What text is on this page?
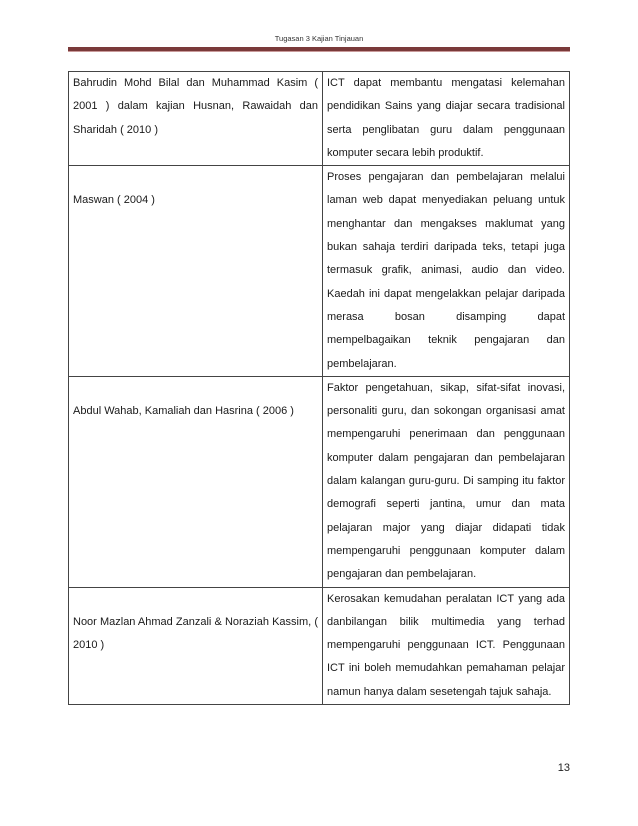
Tugasan 3 Kajian Tinjauan
Bahrudin Mohd Bilal dan Muhammad Kasim ( 2001 ) dalam kajian Husnan, Rawaidah dan Sharidah ( 2010 )	ICT dapat membantu mengatasi kelemahan pendidikan Sains yang diajar secara tradisional serta penglibatan guru dalam penggunaan komputer secara lebih produktif.

Maswan ( 2004 )	Proses pengajaran dan pembelajaran melalui laman web dapat menyediakan peluang untuk menghantar dan mengakses maklumat yang bukan sahaja terdiri daripada teks, tetapi juga termasuk grafik, animasi, audio dan video. Kaedah ini dapat mengelakkan pelajar daripada merasa bosan disamping dapat mempelbagaikan teknik pengajaran dan pembelajaran.

Abdul Wahab, Kamaliah dan Hasrina ( 2006 )	Faktor pengetahuan, sikap, sifat-sifat inovasi, personaliti guru, dan sokongan organisasi amat mempengaruhi penerimaan dan penggunaan komputer dalam pengajaran dan pembelajaran dalam kalangan guru-guru. Di samping itu faktor demografi seperti jantina, umur dan mata pelajaran major yang diajar didapati tidak mempengaruhi penggunaan komputer dalam pengajaran dan pembelajaran.

Noor Mazlan Ahmad Zanzali & Noraziah Kassim, ( 2010 )	Kerosakan kemudahan peralatan ICT yang ada danbilangan bilik multimedia yang terhad mempengaruhi penggunaan ICT. Penggunaan ICT ini boleh memudahkan pemahaman pelajar namun hanya dalam sesetengah tajuk sahaja.
13
